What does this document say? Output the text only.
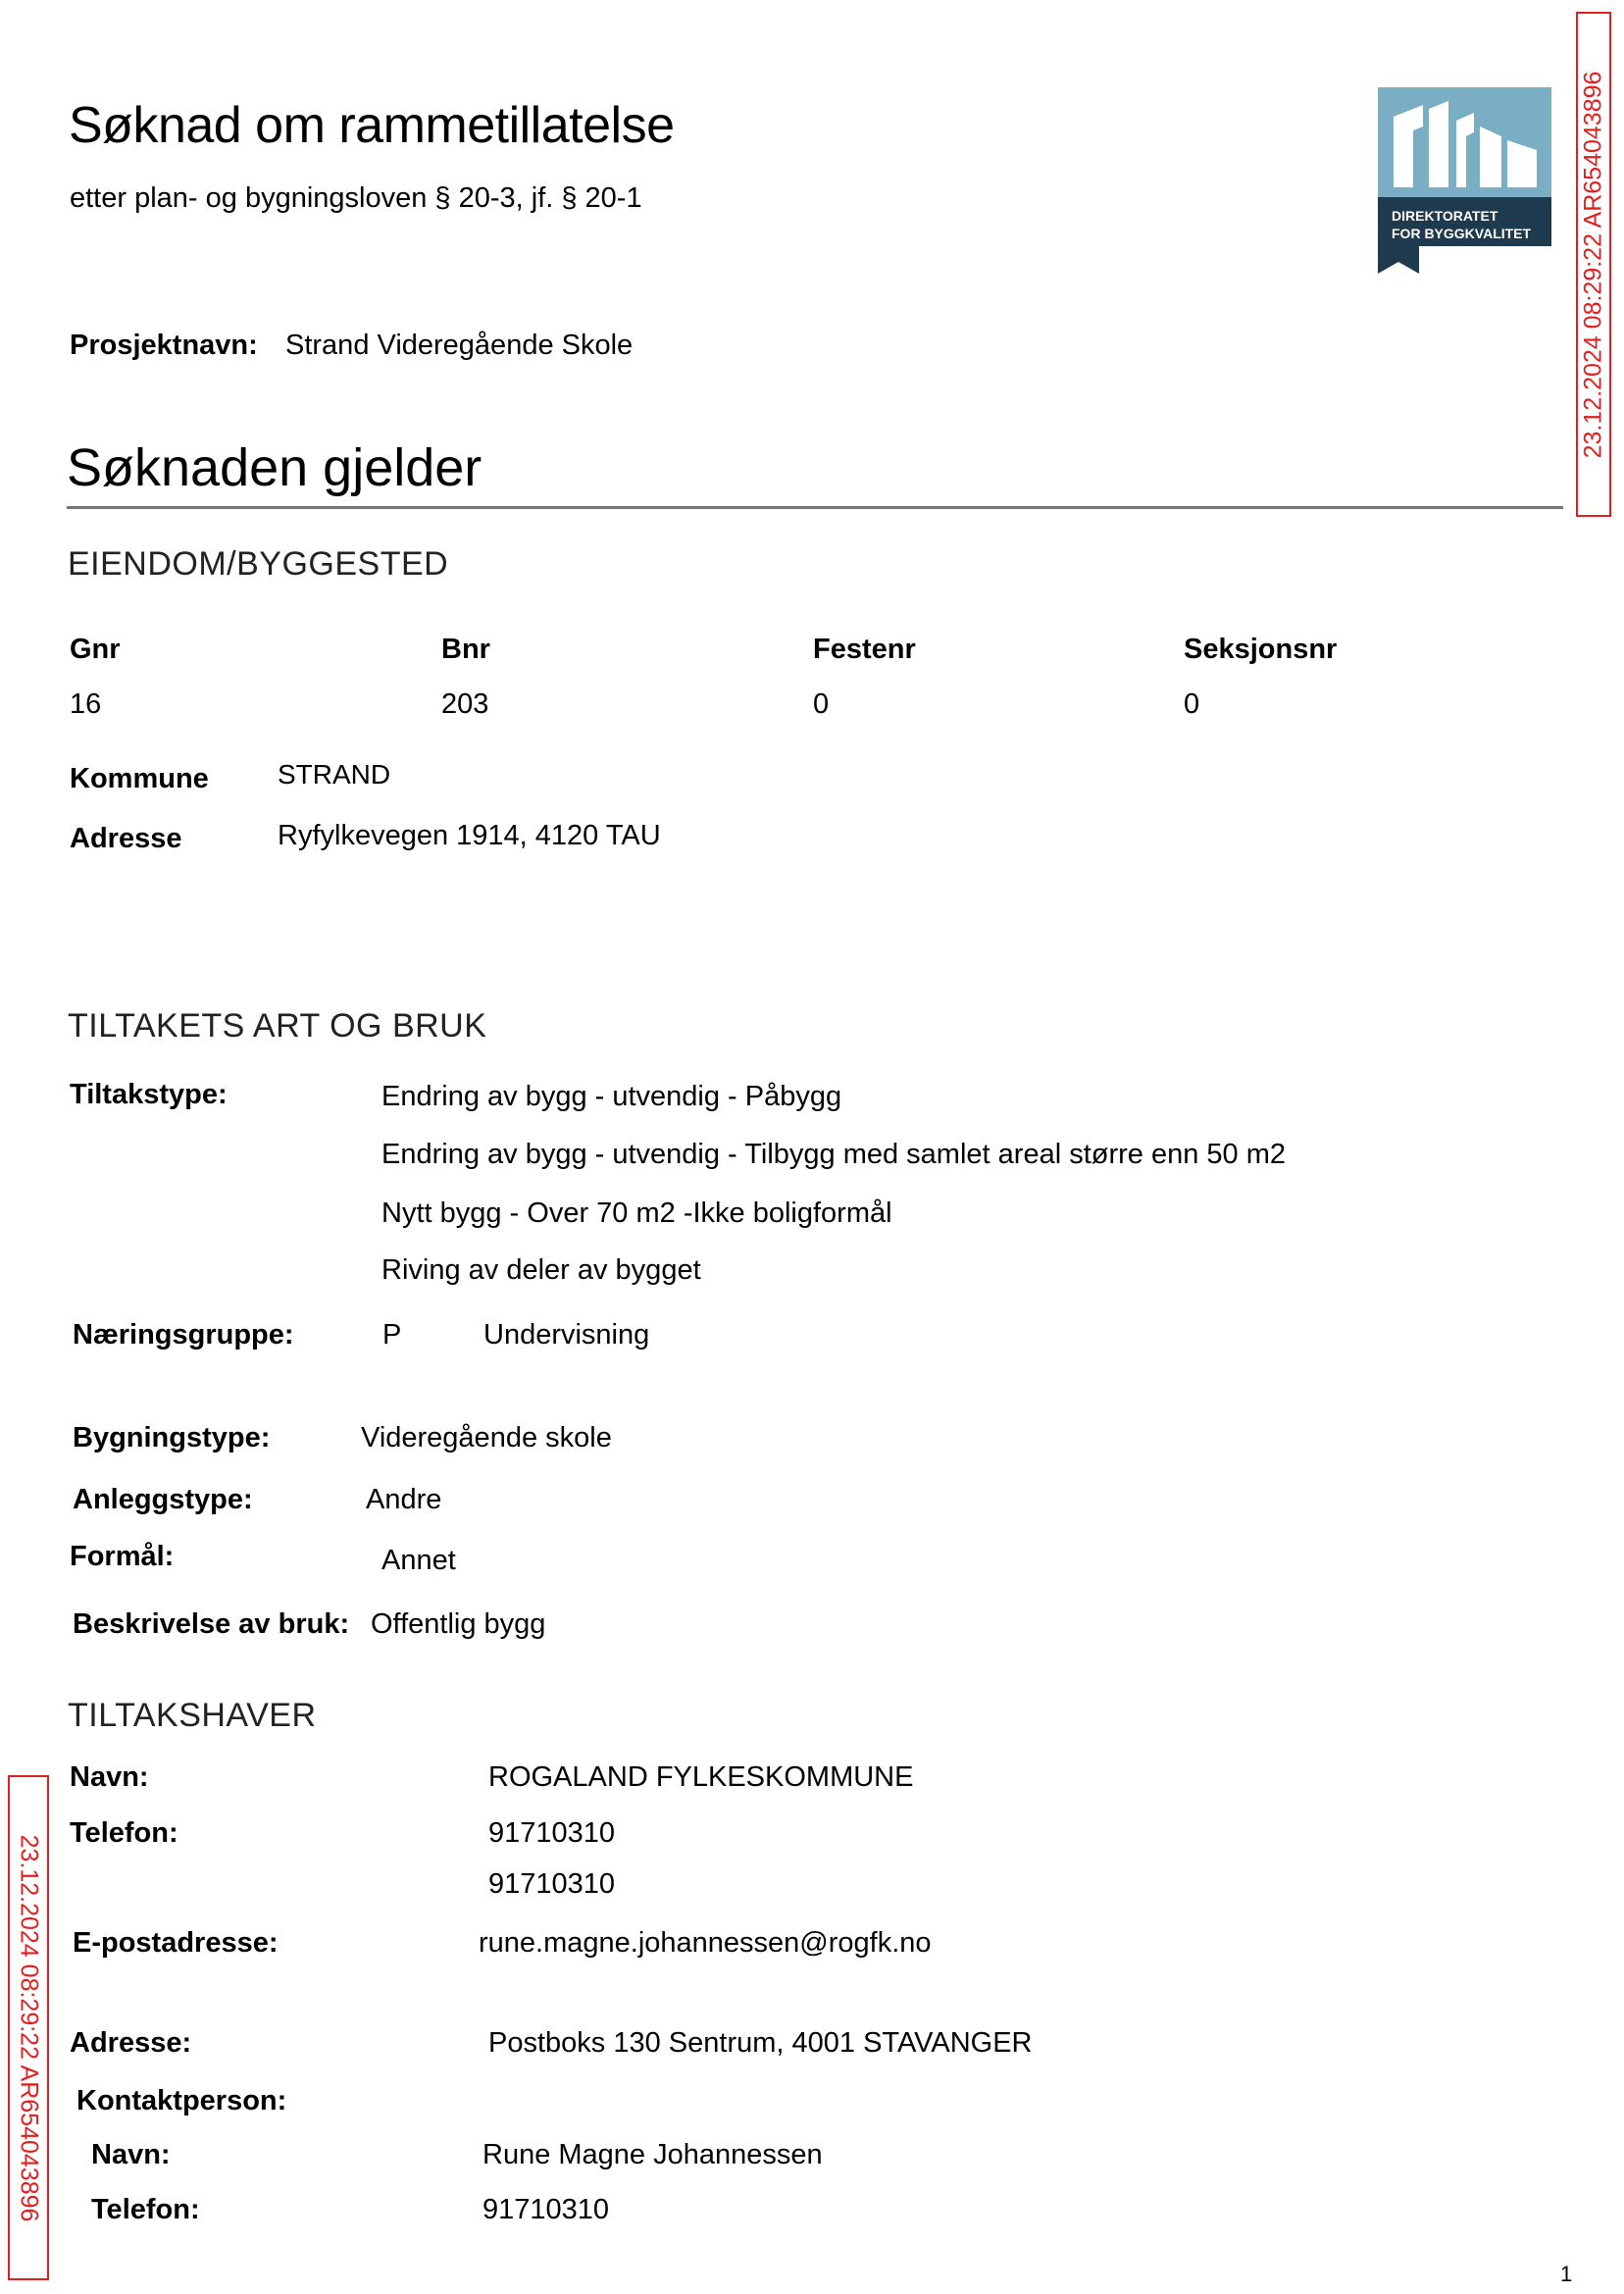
Søknad om rammetillatelse
etter plan- og bygningsloven § 20-3, jf. § 20-1
DIREKTORATET
FOR BYGGKVALITET 23.12.2024 08:29:22 AR654043896
Prosjektnavn: Strand Videregående Skole
Søknaden gjelder
EIENDOM/BYGGESTED
Gnr	Bnr	Festenr	Seksjonsnr
16	203	0	0
Kommune	STRAND
Adresse	Ryfylkevegen 1914, 4120 TAU
TILTAKETS ART OG BRUK
Tiltakstype:	Endring av bygg - utvendig - Påbygg
Endring av bygg - utvendig - Tilbygg med samlet areal større enn 50 m2
Nytt bygg - Over 70 m2 -Ikke boligformål
Riving av deler av bygget
Næringsgruppe:	P	Undervisning
Bygningstype:	Videregående skole
Anleggstype:	Andre
Formål:	Annet
Beskrivelse av bruk: Offentlig bygg
TILTAKSHAVER
Navn:	ROGALAND FYLKESKOMMUNE
Telefon:	91710310
91710310
E-postadresse:	rune.magne.johannessen@rogfk.no
Adresse:	Postboks 130 Sentrum, 4001 STAVANGER
Kontaktperson:
Navn:	Rune Magne Johannessen
Telefon:	91710310
23.12.2024 08:29:22 AR654043896
1
